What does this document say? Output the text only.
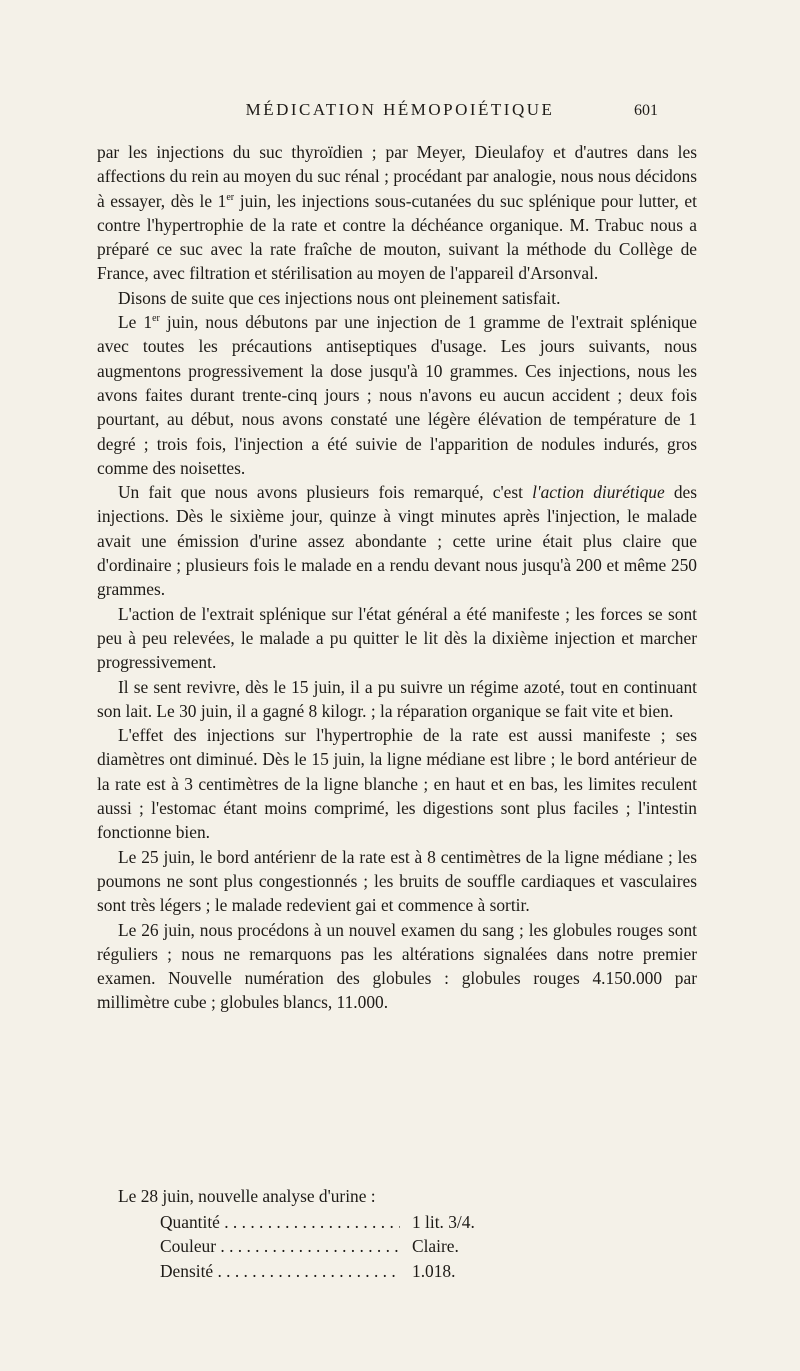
MÉDICATION HÉMOPOIÉTIQUE	601

par les injections du suc thyroïdien ; par Meyer, Dieulafoy et d'autres dans les affections du rein au moyen du suc rénal ; procédant par analogie, nous nous décidons à essayer, dès le 1er juin, les injections sous-cutanées du suc splénique pour lutter, et contre l'hypertrophie de la rate et contre la déchéance organique. M. Trabuc nous a préparé ce suc avec la rate fraîche de mouton, suivant la méthode du Collège de France, avec filtration et stérilisation au moyen de l'appareil d'Arsonval.

Disons de suite que ces injections nous ont pleinement satisfait.

Le 1er juin, nous débutons par une injection de 1 gramme de l'extrait splénique avec toutes les précautions antiseptiques d'usage. Les jours suivants, nous augmentons progressivement la dose jusqu'à 10 grammes. Ces injections, nous les avons faites durant trente-cinq jours ; nous n'avons eu aucun accident ; deux fois pourtant, au début, nous avons constaté une légère élévation de température de 1 degré ; trois fois, l'injection a été suivie de l'apparition de nodules indurés, gros comme des noisettes.

Un fait que nous avons plusieurs fois remarqué, c'est l'action diurétique des injections. Dès le sixième jour, quinze à vingt minutes après l'injection, le malade avait une émission d'urine assez abondante ; cette urine était plus claire que d'ordinaire ; plusieurs fois le malade en a rendu devant nous jusqu'à 200 et même 250 grammes.

L'action de l'extrait splénique sur l'état général a été manifeste ; les forces se sont peu à peu relevées, le malade a pu quitter le lit dès la dixième injection et marcher progressivement.

Il se sent revivre, dès le 15 juin, il a pu suivre un régime azoté, tout en continuant son lait. Le 30 juin, il a gagné 8 kilogr. ; la réparation organique se fait vite et bien.

L'effet des injections sur l'hypertrophie de la rate est aussi manifeste ; ses diamètres ont diminué. Dès le 15 juin, la ligne médiane est libre ; le bord antérieur de la rate est à 3 centimètres de la ligne blanche ; en haut et en bas, les limites reculent aussi ; l'estomac étant moins comprimé, les digestions sont plus faciles ; l'intestin fonctionne bien.

Le 25 juin, le bord antérienr de la rate est à 8 centimètres de la ligne médiane ; les poumons ne sont plus congestionnés ; les bruits de souffle cardiaques et vasculaires sont très légers ; le malade redevient gai et commence à sortir.

Le 26 juin, nous procédons à un nouvel examen du sang ; les globules rouges sont réguliers ; nous ne remarquons pas les altérations signalées dans notre premier examen. Nouvelle numération des globules : globules rouges 4.150.000 par millimètre cube ; globules blancs, 11.000.

Le 28 juin, nouvelle analyse d'urine :
Quantité . . .	1 lit. 3/4.
Couleur . . .	Claire.
Densité . . .	1.018.
